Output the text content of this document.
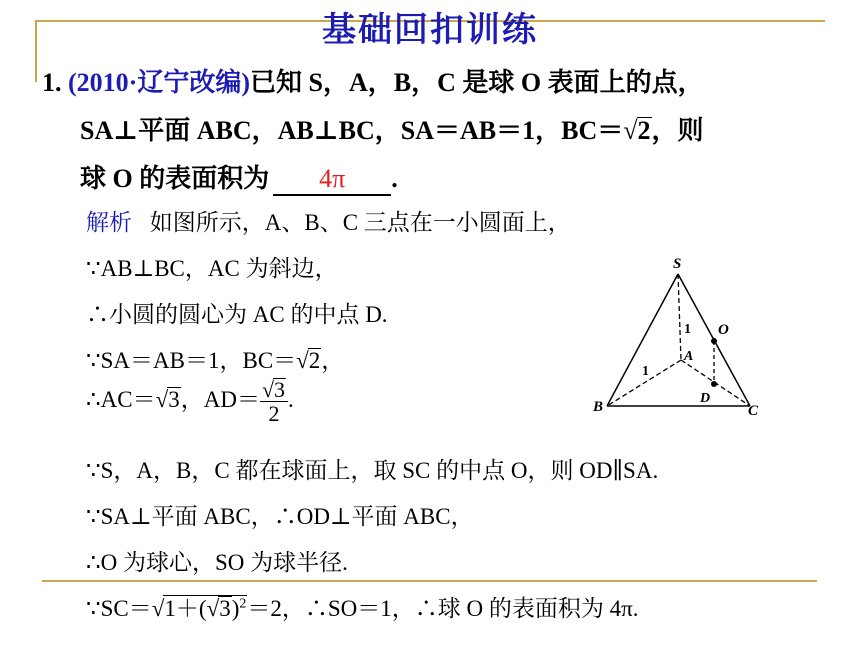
基础回扣训练
1. (2010·辽宁改编)已知 S，A，B，C 是球 O 表面上的点，
SA⊥平面 ABC，AB⊥BC，SA＝AB＝1，BC＝√2，则
球 O 的表面积为 4π .
解析 如图所示，A、B、C 三点在一小圆面上，
∵AB⊥BC，AC 为斜边，
∴小圆的圆心为 AC 的中点 D.
∵SA＝AB＝1，BC＝√2，
∴AC＝√3，$AD= \frac{√3}{2}$ .
∵S，A，B，C 都在球面上，取 SC 的中点 O，则 OD∥SA.
∵SA⊥平面 ABC，∴OD⊥平面 ABC，
∴O 为球心，SO 为球半径.
$\because SC=√1+(√3)^2=2$，∴SO＝1，∴球 O 的表面积为 4π.
S
O
A
B	C
D
1
1
